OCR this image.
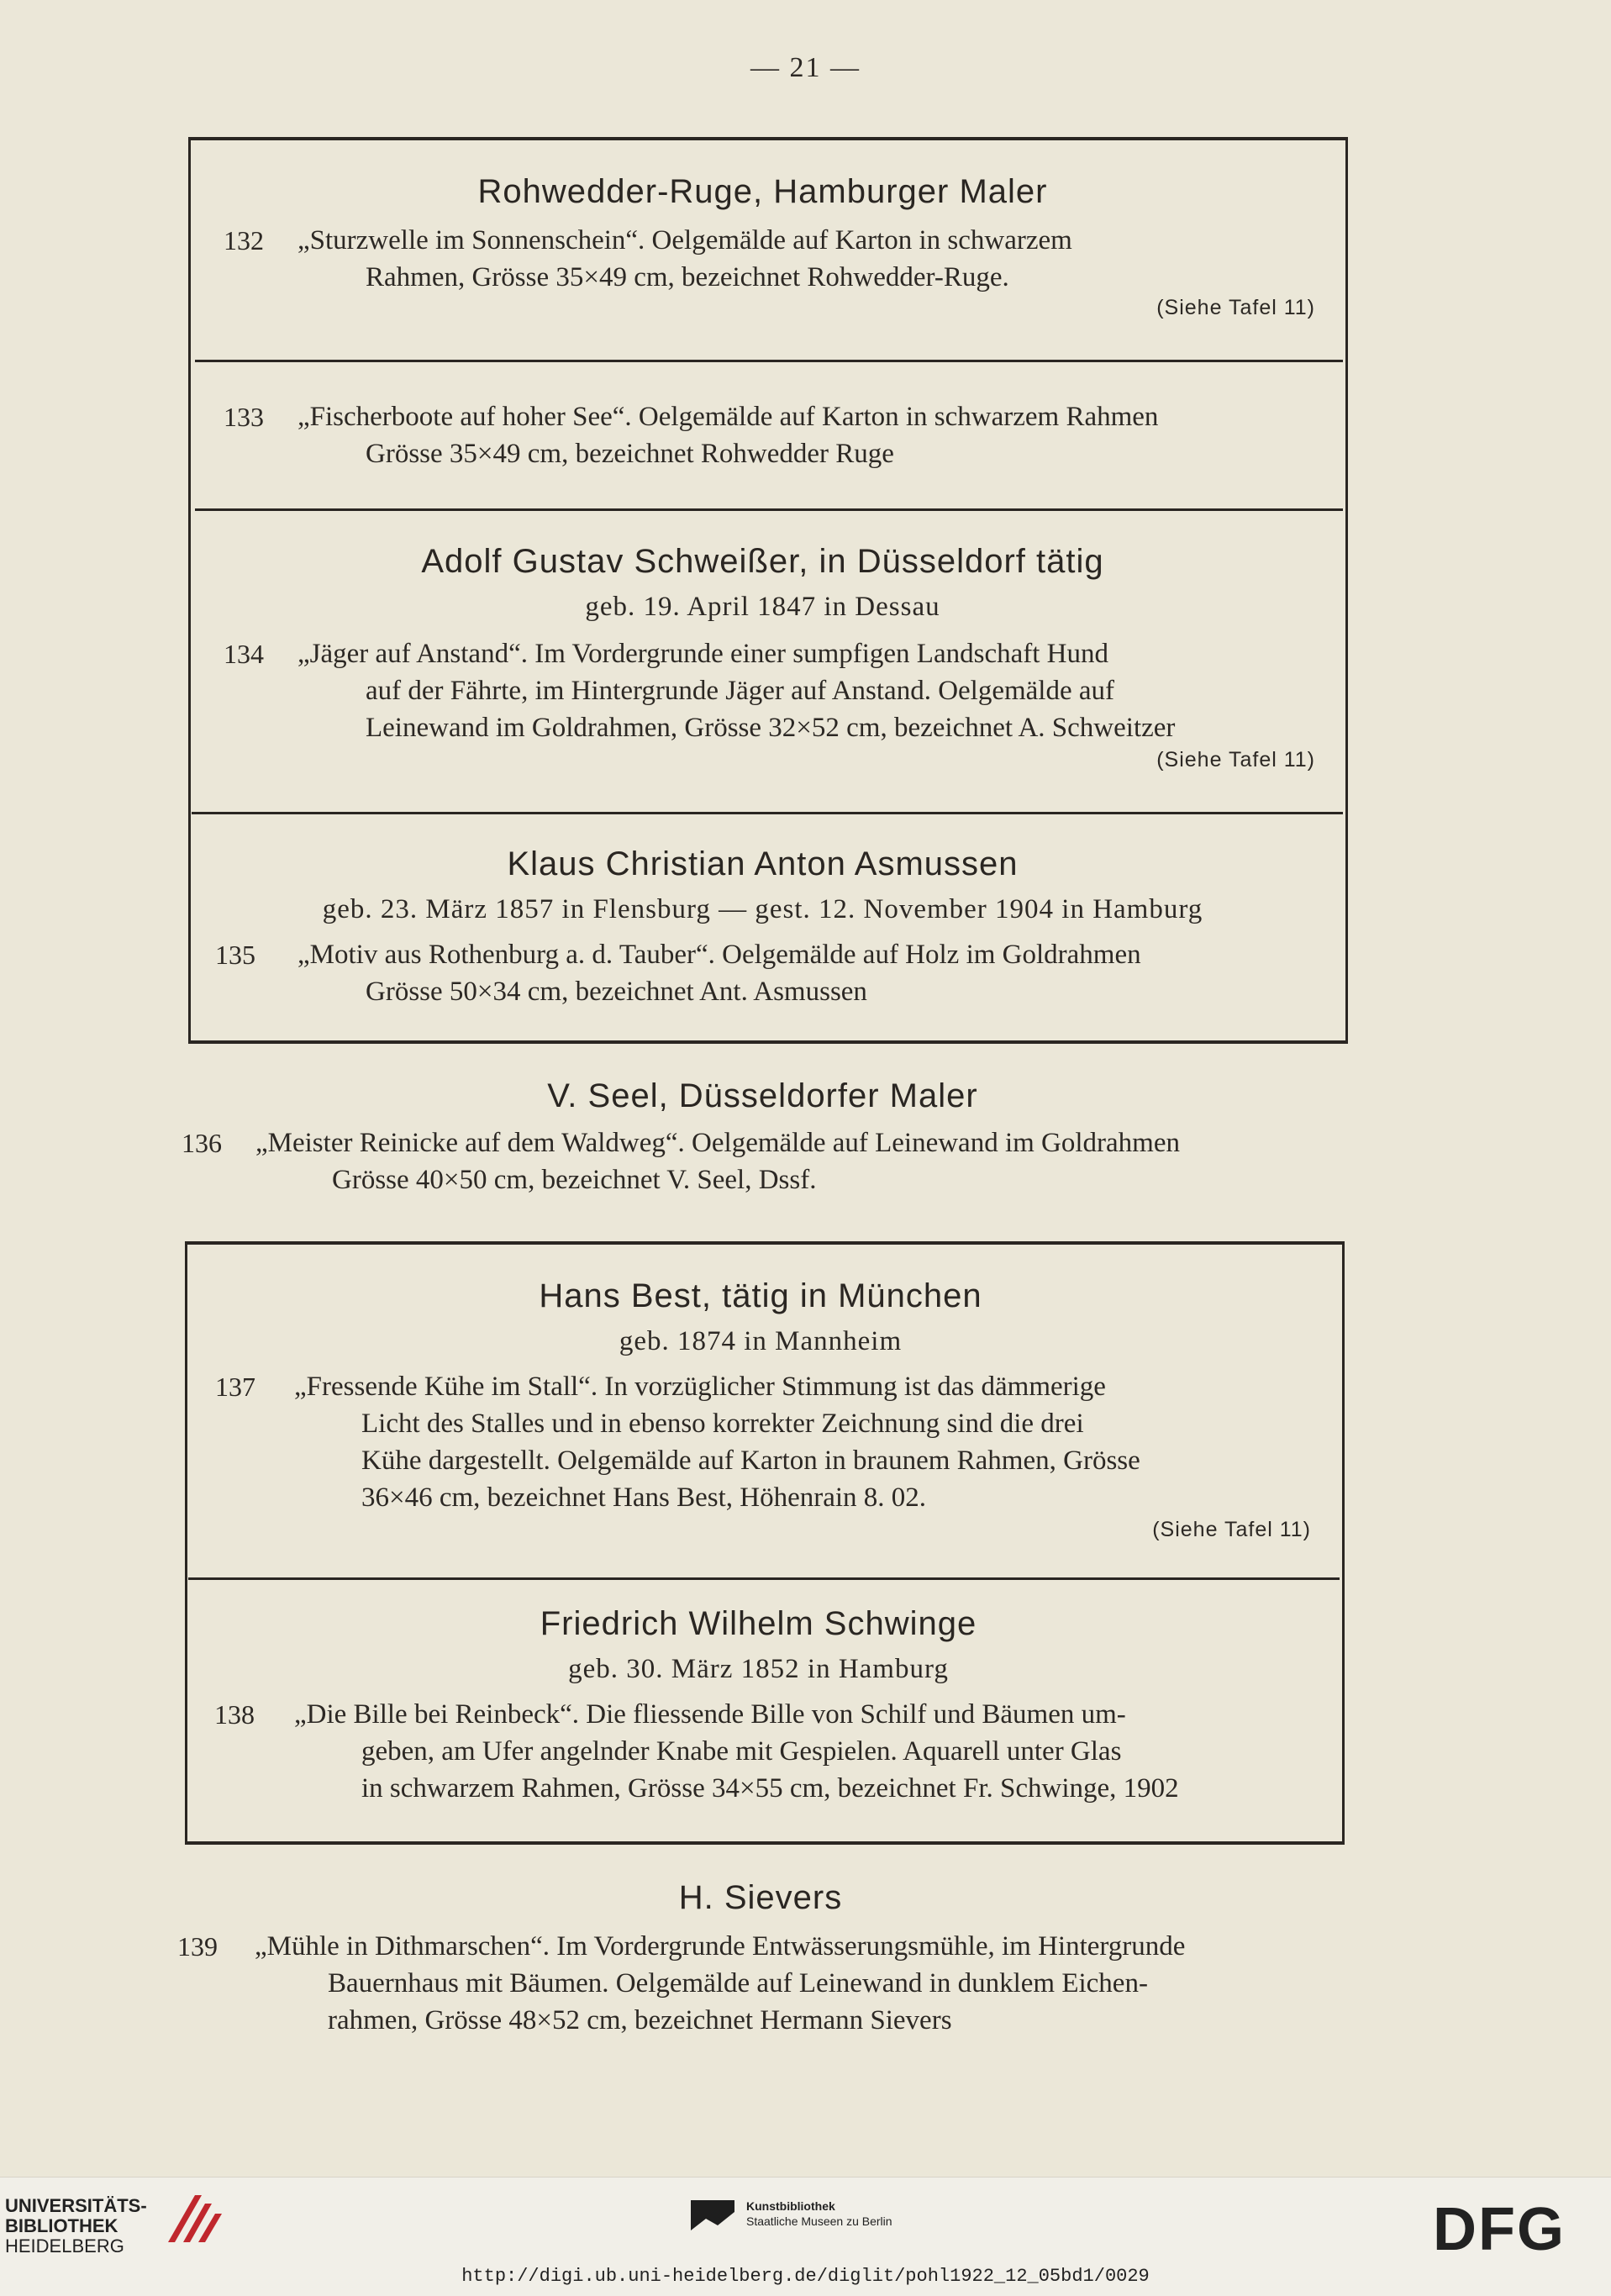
— 21 —
Rohwedder-Ruge, Hamburger Maler
132 „Sturzwelle im Sonnenschein“. Oelgemälde auf Karton in schwarzem
Rahmen, Grösse 35×49 cm, bezeichnet Rohwedder-Ruge.
(Siehe Tafel 11)
133 „Fischerboote auf hoher See“. Oelgemälde auf Karton in schwarzem Rahmen
Grösse 35×49 cm, bezeichnet Rohwedder Ruge
Adolf Gustav Schweißer, in Düsseldorf tätig
geb. 19. April 1847 in Dessau
134 „Jäger auf Anstand“. Im Vordergrunde einer sumpfigen Landschaft Hund
auf der Fährte, im Hintergrunde Jäger auf Anstand. Oelgemälde auf
Leinewand im Goldrahmen, Grösse 32×52 cm, bezeichnet A. Schweitzer
(Siehe Tafel 11)
Klaus Christian Anton Asmussen
geb. 23. März 1857 in Flensburg — gest. 12. November 1904 in Hamburg
135 „Motiv aus Rothenburg a. d. Tauber“. Oelgemälde auf Holz im Goldrahmen
Grösse 50×34 cm, bezeichnet Ant. Asmussen
V. Seel, Düsseldorfer Maler
136 „Meister Reinicke auf dem Waldweg“. Oelgemälde auf Leinewand im Goldrahmen
Grösse 40×50 cm, bezeichnet V. Seel, Dssf.
Hans Best, tätig in München
geb. 1874 in Mannheim
137 „Fressende Kühe im Stall“. In vorzüglicher Stimmung ist das dämmerige
Licht des Stalles und in ebenso korrekter Zeichnung sind die drei
Kühe dargestellt. Oelgemälde auf Karton in braunem Rahmen, Grösse
36×46 cm, bezeichnet Hans Best, Höhenrain 8. 02.
(Siehe Tafel 11)
Friedrich Wilhelm Schwinge
geb. 30. März 1852 in Hamburg
138 „Die Bille bei Reinbeck“. Die fliessende Bille von Schilf und Bäumen um-
geben, am Ufer angelnder Knabe mit Gespielen. Aquarell unter Glas
in schwarzem Rahmen, Grösse 34×55 cm, bezeichnet Fr. Schwinge, 1902
H. Sievers
139 „Mühle in Dithmarschen“. Im Vordergrunde Entwässerungsmühle, im Hintergrunde
Bauernhaus mit Bäumen. Oelgemälde auf Leinewand in dunklem Eichen-
rahmen, Grösse 48×52 cm, bezeichnet Hermann Sievers
UNIVERSITÄTS-
BIBLIOTHEK
HEIDELBERG
Kunstbibliothek
Staatliche Museen zu Berlin	DFG
http://digi.ub.uni-heidelberg.de/diglit/pohl1922_12_05bd1/0029
